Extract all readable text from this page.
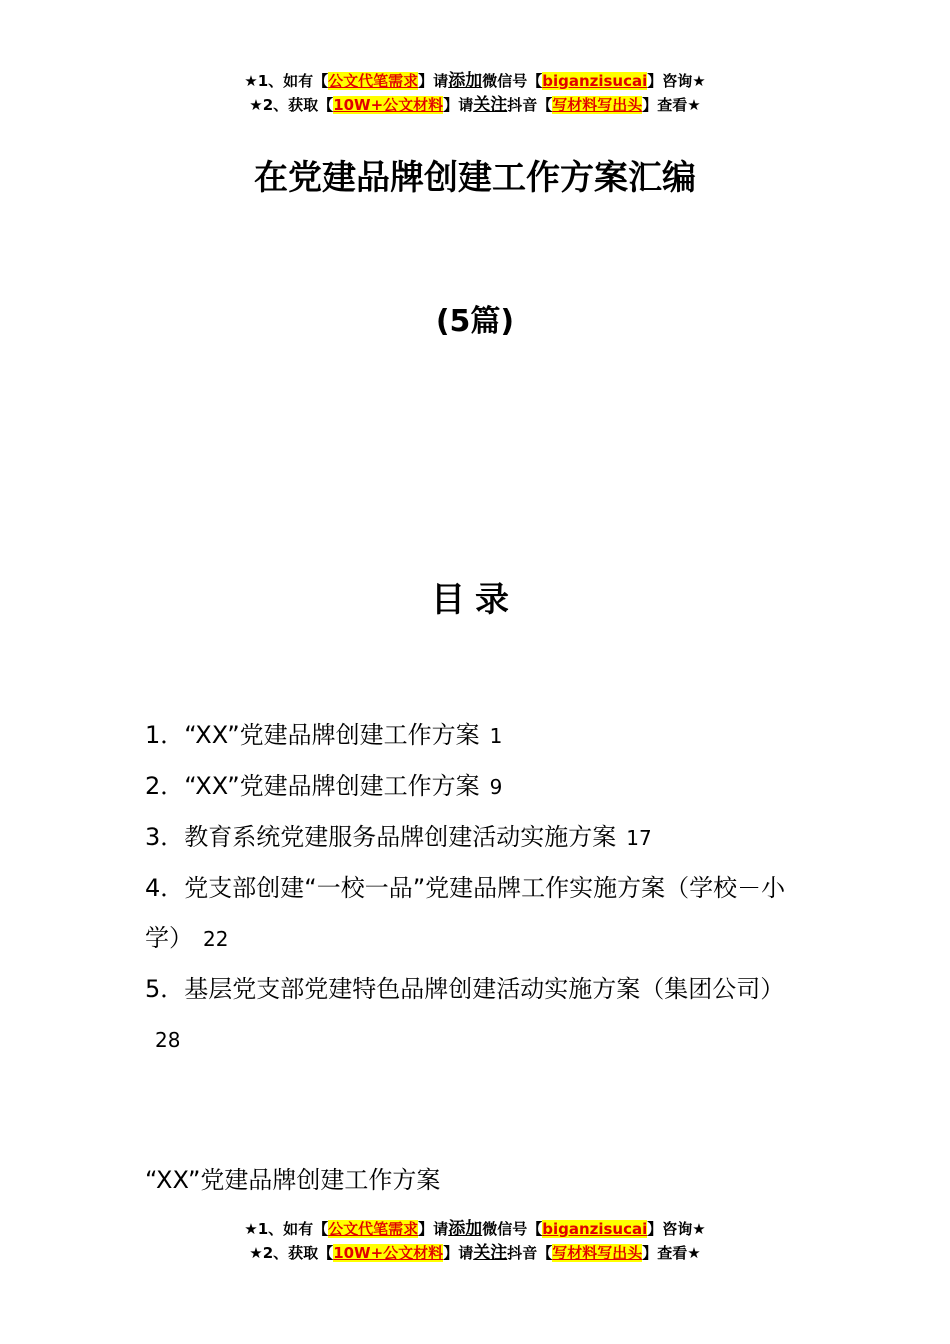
★1、如有【公文代笔需求】请添加微信号【biganzisucai】咨询★
★2、获取【10W+公文材料】请关注抖音【写材料写出头】查看★
在党建品牌创建工作方案汇编
(5篇)
目录
1．“XX”党建品牌创建工作方案 1
2．“XX”党建品牌创建工作方案 9
3．教育系统党建服务品牌创建活动实施方案 17
4．党支部创建“一校一品”党建品牌工作实施方案（学校－小学） 22
5．基层党支部党建特色品牌创建活动实施方案（集团公司）28
“XX”党建品牌创建工作方案
★1、如有【公文代笔需求】请添加微信号【biganzisucai】咨询★
★2、获取【10W+公文材料】请关注抖音【写材料写出头】查看★
